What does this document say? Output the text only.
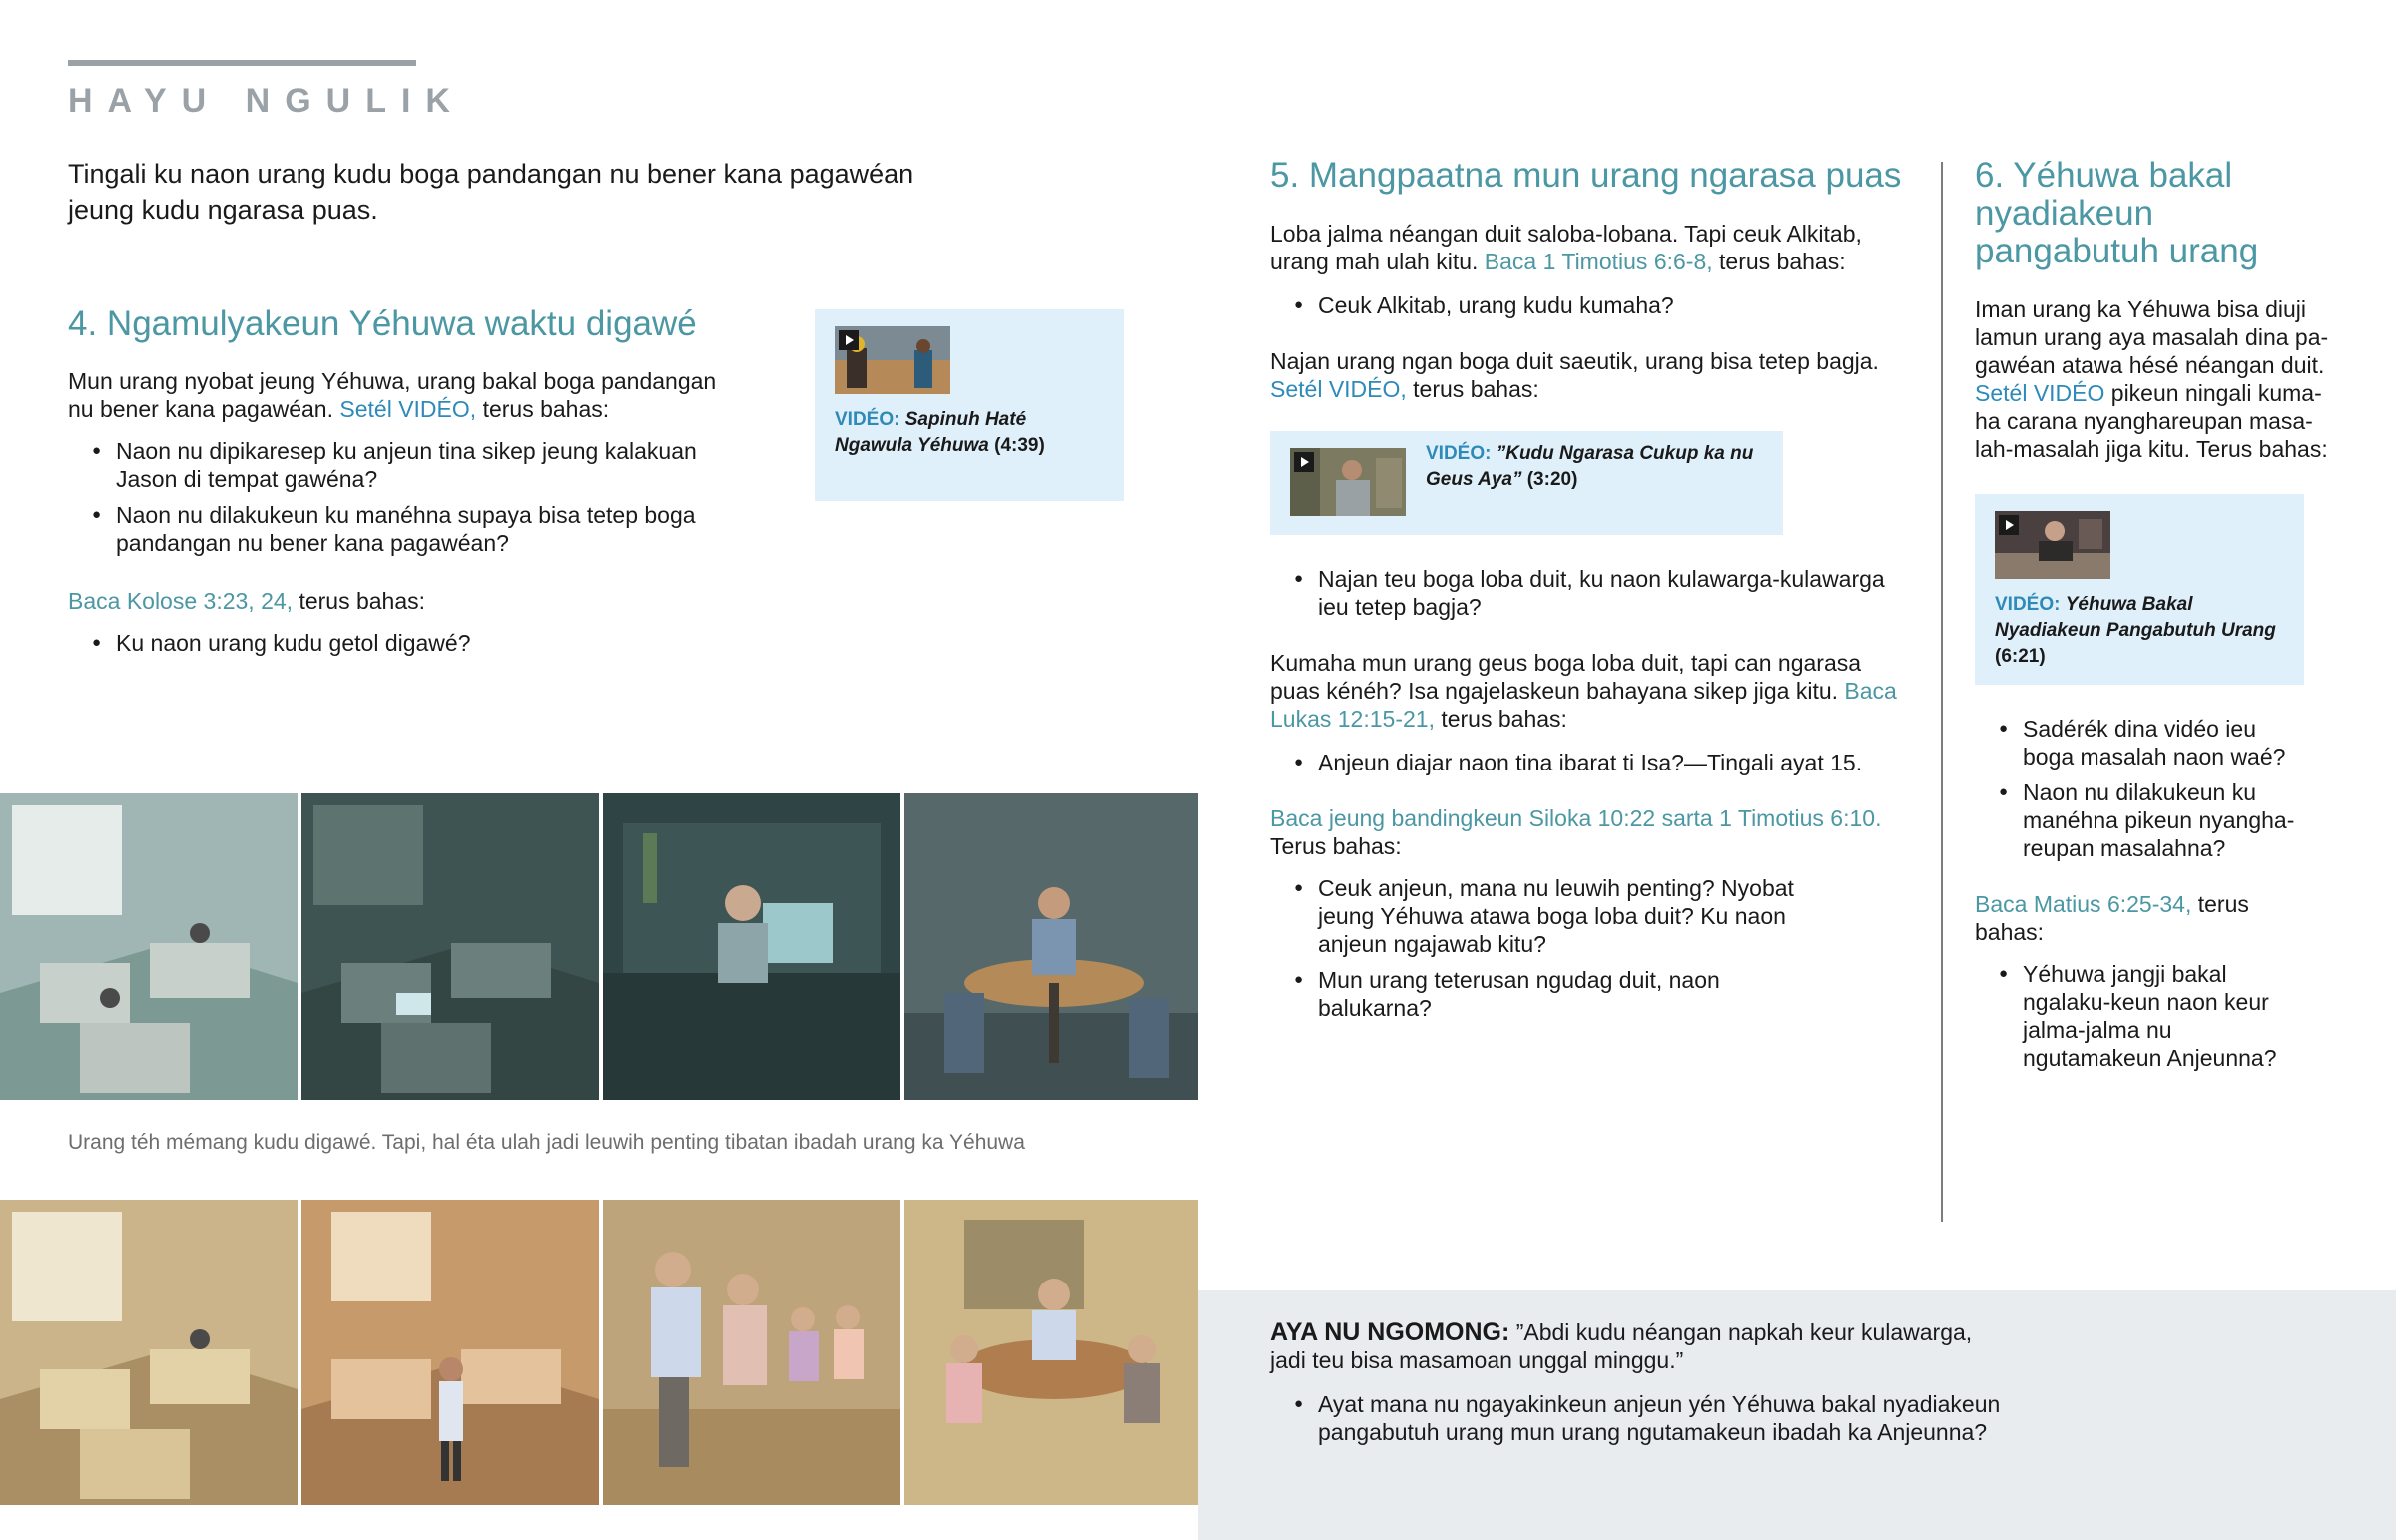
HAYU NGULIK

Tingali ku naon urang kudu boga pandangan nu bener kana pagawéan jeung kudu ngarasa puas.

4. Ngamulyakeun Yéhuwa waktu digawé

Mun urang nyobat jeung Yéhuwa, urang bakal boga pandangan nu bener kana pagawéan. Setél VIDÉO, terus bahas:

● Naon nu dipikaresep ku anjeun tina sikep jeung kalakuan Jason di tempat gawéna?
● Naon nu dilakukeun ku manéhna supaya bisa tetep boga pandangan nu bener kana pagawéan?

Baca Kolose 3:23, 24, terus bahas:

● Ku naon urang kudu getol digawé?
VIDÉO: Sapinuh Haté Ngawula Yéhuwa (4:39)
Urang téh mémang kudu digawé. Tapi, hal éta ulah jadi leuwih penting tibatan ibadah urang ka Yéhuwa
5. Mangpaatna mun urang ngarasa puas

Loba jalma néangan duit saloba-lobana. Tapi ceuk Alkitab, urang mah ulah kitu. Baca 1 Timotius 6:6-8, terus bahas:

● Ceuk Alkitab, urang kudu kumaha?

Najan urang ngan boga duit saeutik, urang bisa tetep bagja. Setél VIDÉO, terus bahas:

VIDÉO: ”Kudu Ngarasa Cukup ka nu Geus Aya” (3:20)
● Najan teu boga loba duit, ku naon kulawarga-kulawarga ieu tetep bagja?

Kumaha mun urang geus boga loba duit, tapi can ngarasa puas kénéh? Isa ngajelaskeun bahayana sikep jiga kitu. Baca Lukas 12:15-21, terus bahas:

● Anjeun diajar naon tina ibarat ti Isa?—Tingali ayat 15.

Baca jeung bandingkeun Siloka 10:22 sarta 1 Timotius 6:10.
Terus bahas:

● Ceuk anjeun, mana nu leuwih penting? Nyobat jeung Yéhuwa atawa boga loba duit? Ku naon anjeun ngajawab kitu?
● Mun urang teterusan ngudag duit, naon balukarna?
6. Yéhuwa bakal nyadiakeun pangabutuh urang

Iman urang ka Yéhuwa bisa diuji lamun urang aya masalah dina pa-gawéan atawa hésé néangan duit. Setél VIDÉO pikeun ningali kuma-ha carana nyanghareupan masa-lah-masalah jiga kitu. Terus bahas:

VIDÉO: Yéhuwa Bakal Nyadiakeun Pangabutuh Urang (6:21)
● Sadérék dina vidéo ieu boga masalah naon waé?
● Naon nu dilakukeun ku manéhna pikeun nyangha-reupan masalahna?

Baca Matius 6:25-34, terus bahas:

● Yéhuwa jangji bakal ngalaku-keun naon keur jalma-jalma nu ngutamakeun Anjeunna?

AYA NU NGOMONG: ”Abdi kudu néangan napkah keur kulawarga, jadi teu bisa masamoan unggal minggu.”

● Ayat mana nu ngayakinkeun anjeun yén Yéhuwa bakal nyadiakeun pangabutuh urang mun urang ngutamakeun ibadah ka Anjeunna?
